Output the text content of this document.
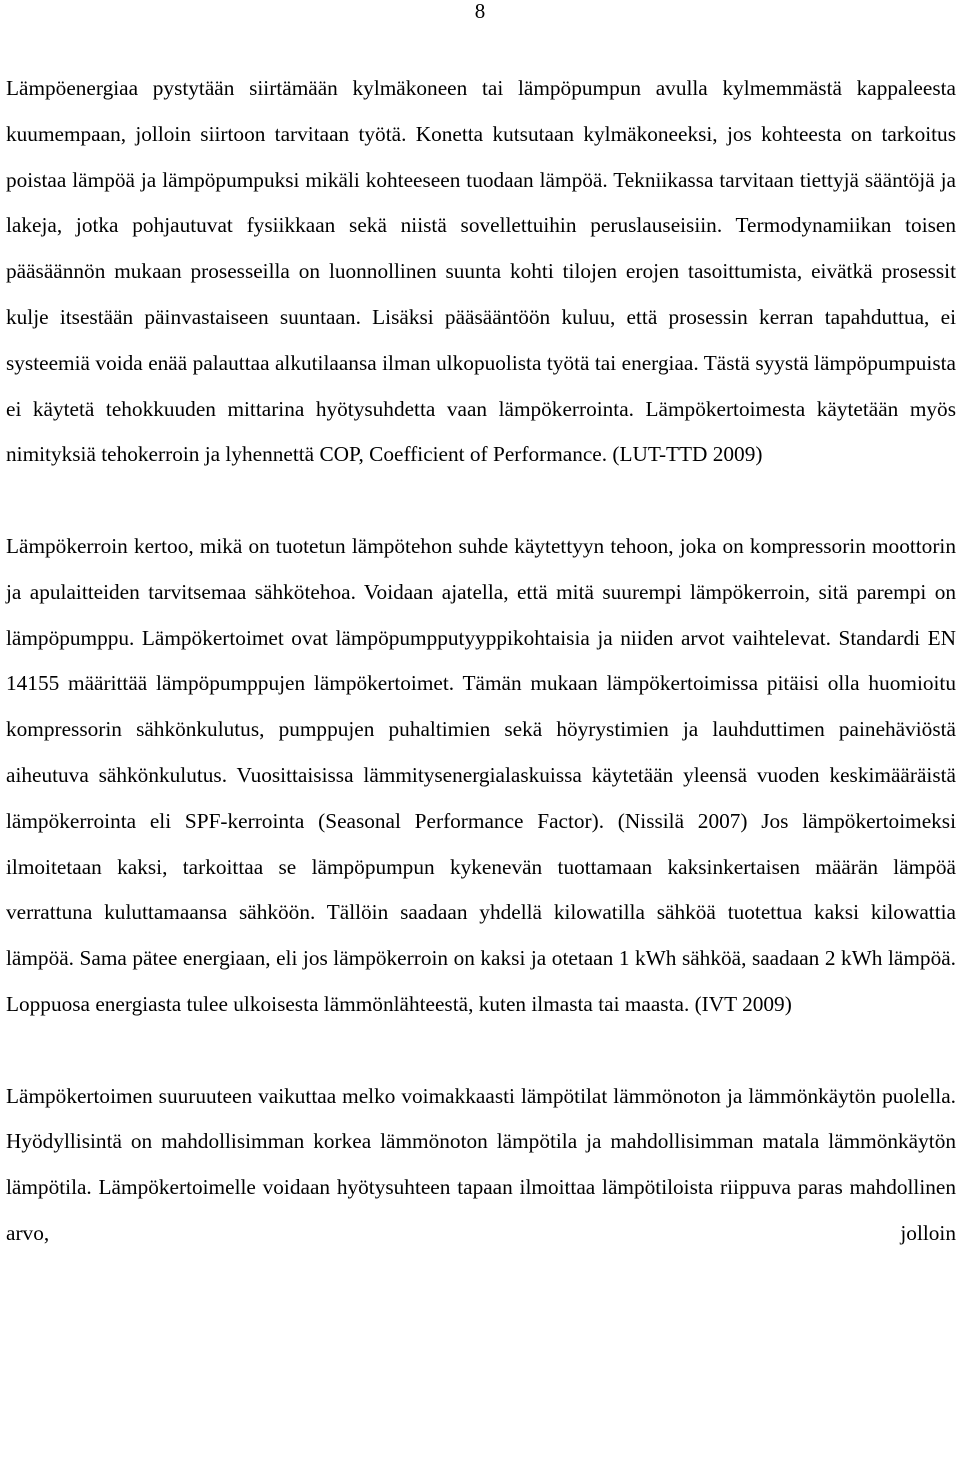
8

Lämpöenergiaa pystytään siirtämään kylmäkoneen tai lämpöpumpun avulla kylmemmästä kappaleesta kuumempaan, jolloin siirtoon tarvitaan työtä. Konetta kutsutaan kylmäkoneeksi, jos kohteesta on tarkoitus poistaa lämpöä ja lämpöpumpuksi mikäli kohteeseen tuodaan lämpöä. Tekniikassa tarvitaan tiettyjä sääntöjä ja lakeja, jotka pohjautuvat fysiikkaan sekä niistä sovellettuihin peruslauseisiin. Termodynamiikan toisen pääsäännön mukaan prosesseilla on luonnollinen suunta kohti tilojen erojen tasoittumista, eivätkä prosessit kulje itsestään päinvastaiseen suuntaan. Lisäksi pääsääntöön kuluu, että prosessin kerran tapahduttua, ei systeemiä voida enää palauttaa alkutilaansa ilman ulkopuolista työtä tai energiaa. Tästä syystä lämpöpumpuista ei käytetä tehokkuuden mittarina hyötysuhdetta vaan lämpökerrointa. Lämpökertoimesta käytetään myös nimityksiä tehokerroin ja lyhennettä COP, Coefficient of Performance. (LUT-TTD 2009)

Lämpökerroin kertoo, mikä on tuotetun lämpötehon suhde käytettyyn tehoon, joka on kompressorin moottorin ja apulaitteiden tarvitsemaa sähkötehoa. Voidaan ajatella, että mitä suurempi lämpökerroin, sitä parempi on lämpöpumppu. Lämpökertoimet ovat lämpöpumpputyyppikohtaisia ja niiden arvot vaihtelevat. Standardi EN 14155 määrittää lämpöpumppujen lämpökertoimet. Tämän mukaan lämpökertoimissa pitäisi olla huomioitu kompressorin sähkönkulutus, pumppujen puhaltimien sekä höyrystimien ja lauhduttimen painehäviöstä aiheutuva sähkönkulutus. Vuosittaisissa lämmitysenergialaskuissa käytetään yleensä vuoden keskimääräistä lämpökerrointa eli SPF-kerrointa (Seasonal Performance Factor). (Nissilä 2007) Jos lämpökertoimeksi ilmoitetaan kaksi, tarkoittaa se lämpöpumpun kykenevän tuottamaan kaksinkertaisen määrän lämpöä verrattuna kuluttamaansa sähköön. Tällöin saadaan yhdellä kilowatilla sähköä tuotettua kaksi kilowattia lämpöä. Sama pätee energiaan, eli jos lämpökerroin on kaksi ja otetaan 1 kWh sähköä, saadaan 2 kWh lämpöä. Loppuosa energiasta tulee ulkoisesta lämmönlähteestä, kuten ilmasta tai maasta. (IVT 2009)

Lämpökertoimen suuruuteen vaikuttaa melko voimakkaasti lämpötilat lämmönoton ja lämmönkäytön puolella. Hyödyllisintä on mahdollisimman korkea lämmönoton lämpötila ja mahdollisimman matala lämmönkäytön lämpötila. Lämpökertoimelle voidaan hyötysuhteen tapaan ilmoittaa lämpötiloista riippuva paras mahdollinen arvo, jolloin
